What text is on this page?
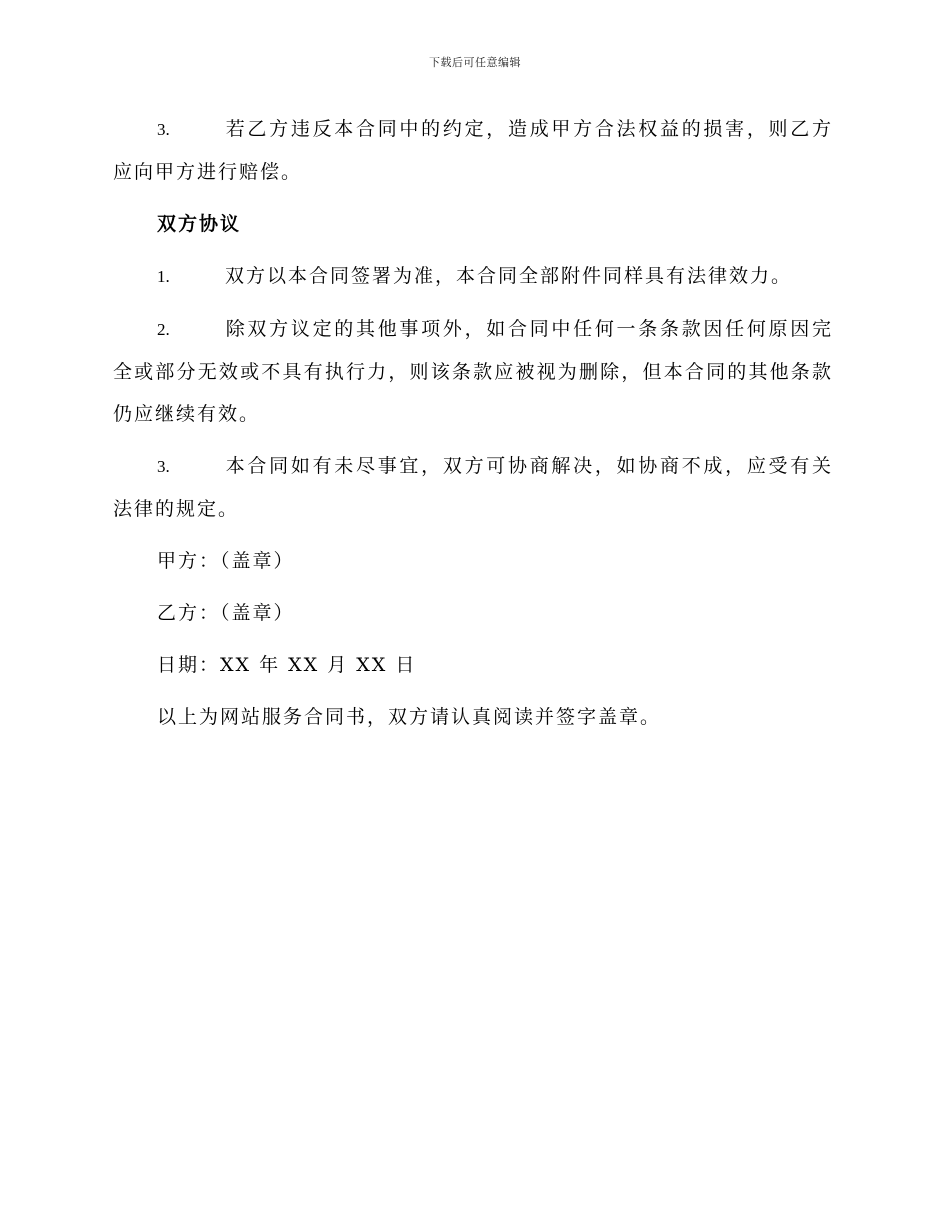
下载后可任意编辑

3.	若乙方违反本合同中的约定，造成甲方合法权益的损害，则乙方应向甲方进行赔偿。

双方协议

1.	双方以本合同签署为准，本合同全部附件同样具有法律效力。

2.	除双方议定的其他事项外，如合同中任何一条条款因任何原因完全或部分无效或不具有执行力，则该条款应被视为删除，但本合同的其他条款仍应继续有效。

3.	本合同如有未尽事宜，双方可协商解决，如协商不成，应受有关法律的规定。

甲方：（盖章）
乙方：（盖章）
日期：XX 年 XX 月 XX 日
以上为网站服务合同书，双方请认真阅读并签字盖章。
